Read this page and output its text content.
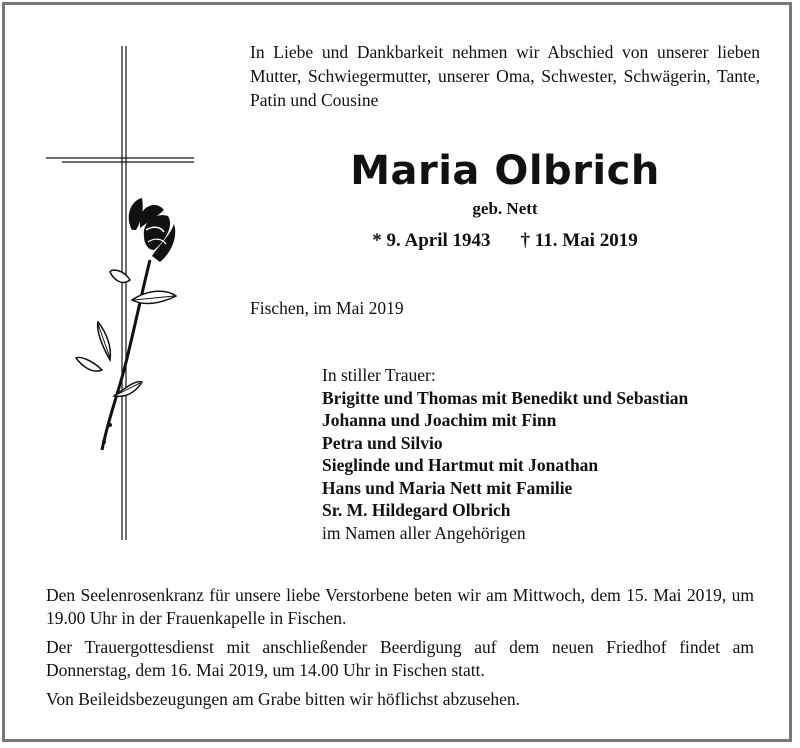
In Liebe und Dankbarkeit nehmen wir Abschied von unserer lieben Mutter, Schwiegermutter, unserer Oma, Schwester, Schwägerin, Tante, Patin und Cousine
Maria Olbrich
geb. Nett
* 9. April 1943 † 11. Mai 2019
Fischen, im Mai 2019
In stiller Trauer:
Brigitte und Thomas mit Benedikt und Sebastian
Johanna und Joachim mit Finn
Petra und Silvio
Sieglinde und Hartmut mit Jonathan
Hans und Maria Nett mit Familie
Sr. M. Hildegard Olbrich
im Namen aller Angehörigen

Den Seelenrosenkranz für unsere liebe Verstorbene beten wir am Mittwoch, dem 15. Mai 2019, um 19.00 Uhr in der Frauenkapelle in Fischen.

Der Trauergottesdienst mit anschließender Beerdigung auf dem neuen Friedhof findet am Donnerstag, dem 16. Mai 2019, um 14.00 Uhr in Fischen statt.

Von Beileidsbezeugungen am Grabe bitten wir höflichst abzusehen.
